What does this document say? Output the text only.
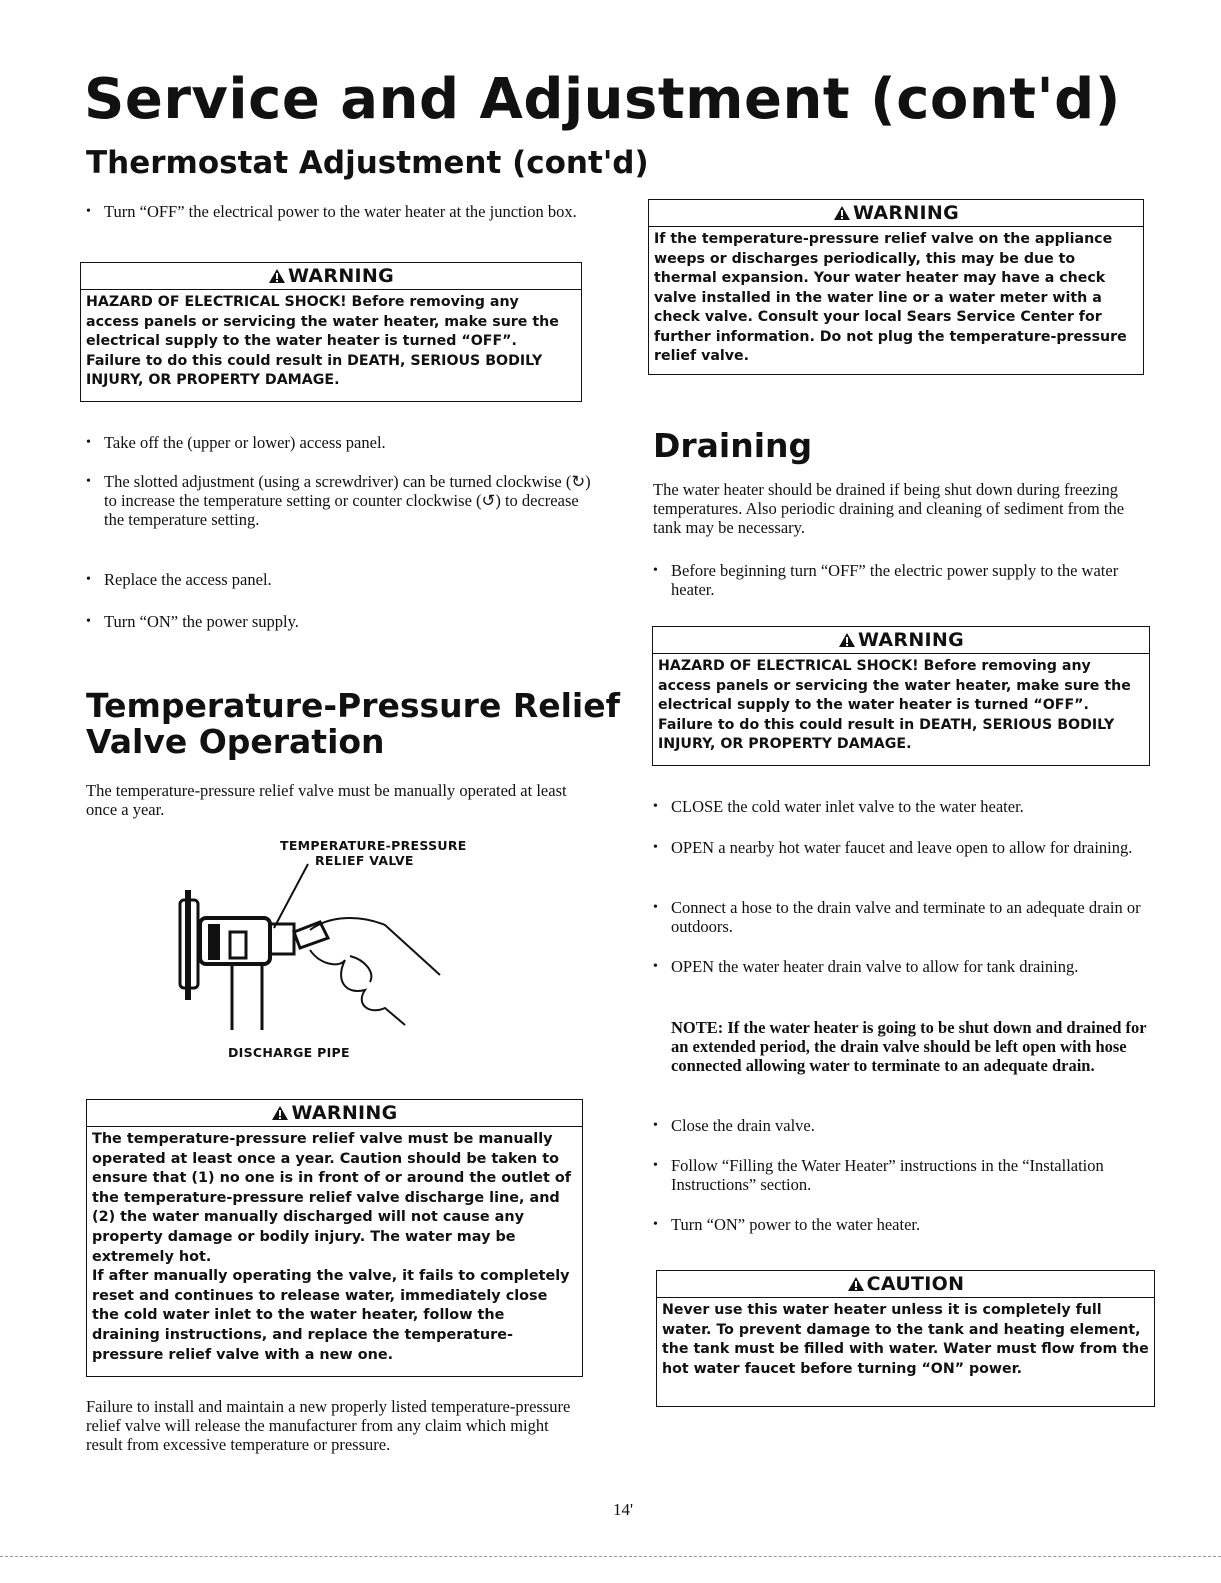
Service and Adjustment (cont'd)
Thermostat Adjustment (cont'd)

• Turn “OFF” the electrical power to the water heater at the junction box.

WARNING
HAZARD OF ELECTRICAL SHOCK! Before removing any access panels or servicing the water heater, make sure the electrical supply to the water heater is turned “OFF”. Failure to do this could result in DEATH, SERIOUS BODILY INJURY, OR PROPERTY DAMAGE.

• Take off the (upper or lower) access panel.

• The slotted adjustment (using a screwdriver) can be turned clockwise (↻) to increase the temperature setting or counter clockwise (↺) to decrease the temperature setting.

• Replace the access panel.

• Turn “ON” the power supply.

Temperature-Pressure Relief
Valve Operation

The temperature-pressure relief valve must be manually operated at least once a year.

TEMPERATURE-PRESSURE
RELIEF VALVE
DISCHARGE PIPE
WARNING
The temperature-pressure relief valve must be manually operated at least once a year. Caution should be taken to ensure that (1) no one is in front of or around the outlet of the temperature-pressure relief valve discharge line, and (2) the water manually discharged will not cause any property damage or bodily injury. The water may be extremely hot.
If after manually operating the valve, it fails to completely reset and continues to release water, immediately close the cold water inlet to the water heater, follow the draining instructions, and replace the temperature-pressure relief valve with a new one.

Failure to install and maintain a new properly listed temperature-pressure relief valve will release the manufacturer from any claim which might result from excessive temperature or pressure.

WARNING
If the temperature-pressure relief valve on the appliance weeps or discharges periodically, this may be due to thermal expansion. Your water heater may have a check valve installed in the water line or a water meter with a check valve. Consult your local Sears Service Center for further information. Do not plug the temperature-pressure relief valve.
Draining

The water heater should be drained if being shut down during freezing temperatures. Also periodic draining and cleaning of sediment from the tank may be necessary.

• Before beginning turn “OFF” the electric power supply to the water heater.

WARNING
HAZARD OF ELECTRICAL SHOCK! Before removing any access panels or servicing the water heater, make sure the electrical supply to the water heater is turned “OFF”. Failure to do this could result in DEATH, SERIOUS BODILY INJURY, OR PROPERTY DAMAGE.

• CLOSE the cold water inlet valve to the water heater.

• OPEN a nearby hot water faucet and leave open to allow for draining.

• Connect a hose to the drain valve and terminate to an adequate drain or outdoors.

• OPEN the water heater drain valve to allow for tank draining.

NOTE: If the water heater is going to be shut down and drained for an extended period, the drain valve should be left open with hose connected allowing water to terminate to an adequate drain.

• Close the drain valve.

• Follow “Filling the Water Heater” instructions in the “Installation Instructions” section.

• Turn “ON” power to the water heater.

CAUTION
Never use this water heater unless it is completely full water. To prevent damage to the tank and heating element, the tank must be filled with water. Water must flow from the hot water faucet before turning “ON” power.
14'
